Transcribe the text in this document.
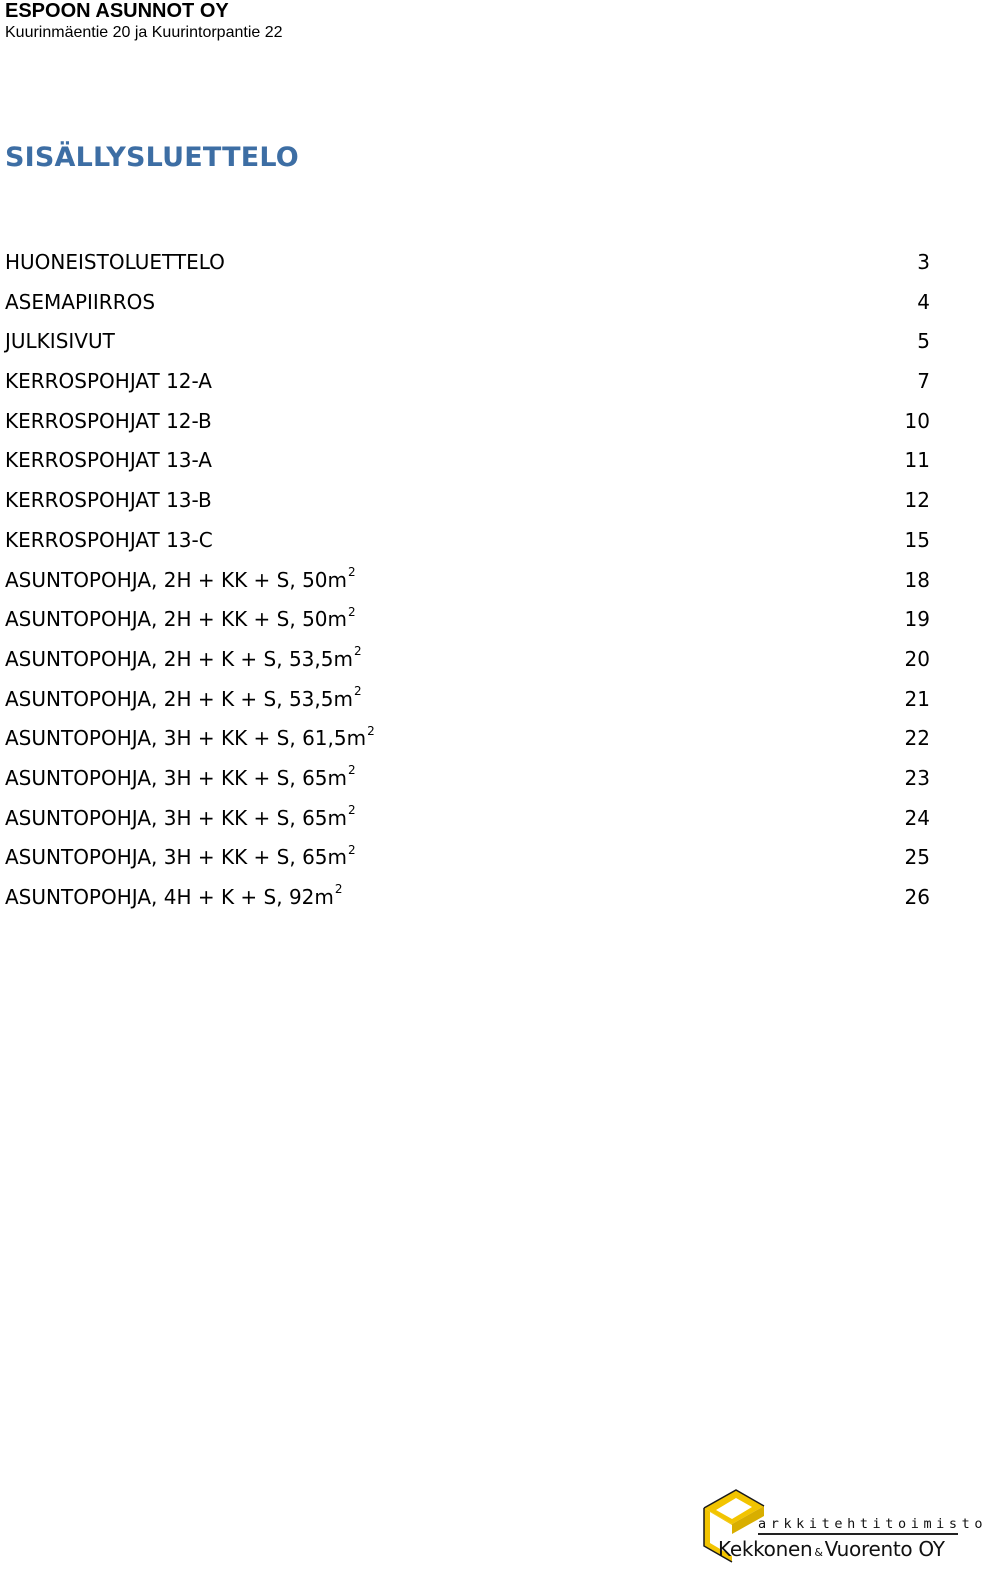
ESPOON ASUNNOT OY
Kuurinmäentie 20 ja Kuurintorpantie 22
SISÄLLYSLUETTELO
HUONEISTOLUETTELO	3
ASEMAPIIRROS	4
JULKISIVUT	5
KERROSPOHJAT 12-A	7
KERROSPOHJAT 12-B	10
KERROSPOHJAT 13-A	11
KERROSPOHJAT 13-B	12
KERROSPOHJAT 13-C	15
ASUNTOPOHJA, 2H + KK + S, $50m^2$	18
ASUNTOPOHJA, 2H + KK + S, $50m^2$	19
ASUNTOPOHJA, 2H + K + S, $53,5m^2$	20
ASUNTOPOHJA, 2H + K + S, $53,5m^2$	21
ASUNTOPOHJA, 3H + KK + S, $61,5m^2$	22
ASUNTOPOHJA, 3H + KK + S, $65m^2$	23
ASUNTOPOHJA, 3H + KK + S, $65m^2$	24
ASUNTOPOHJA, 3H + KK + S, $65m^2$	25
ASUNTOPOHJA, 4H + K + S, $92m^2$	26
arkkitehtitoimisto
Kekkonen & Vuorento OY
